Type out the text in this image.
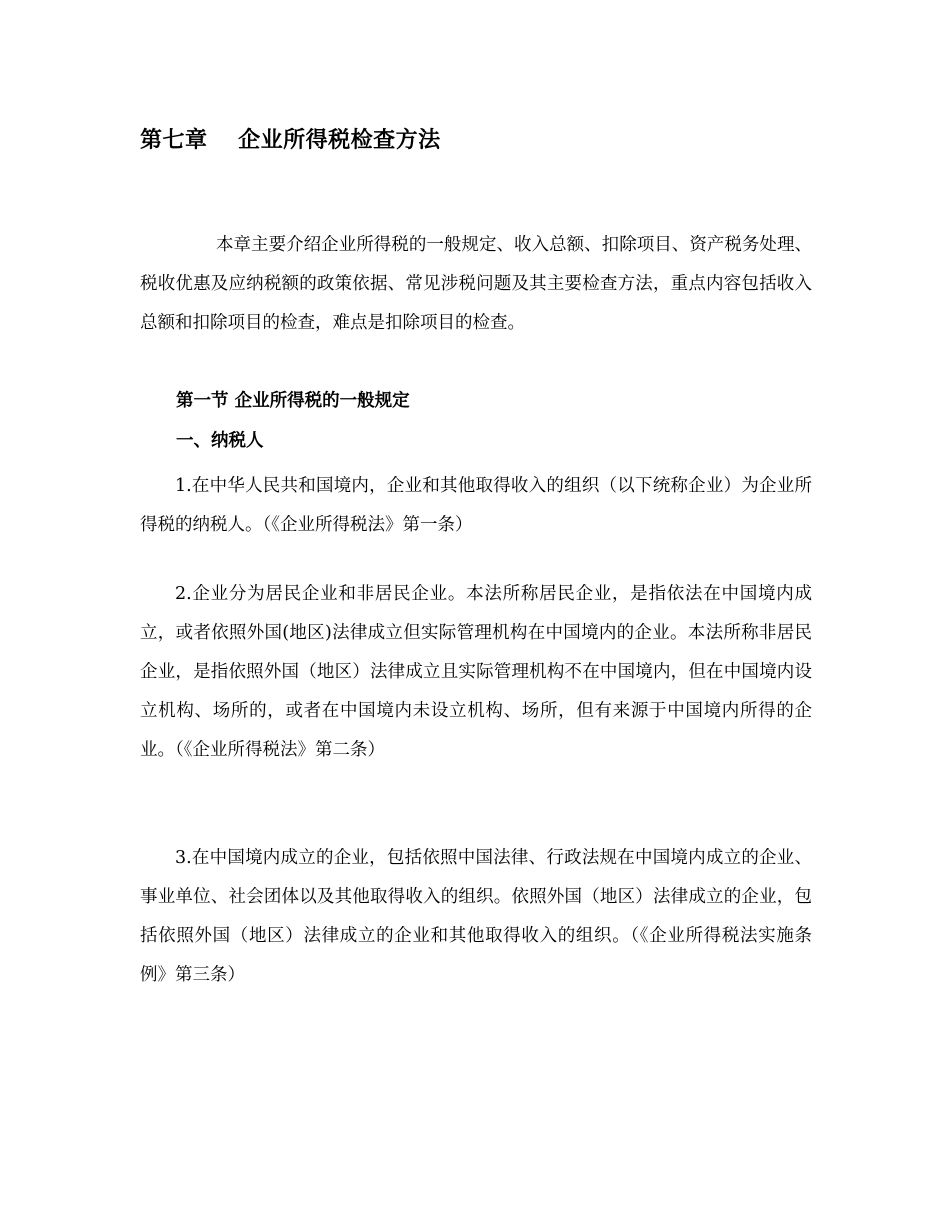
第七章　 企业所得税检查方法

本章主要介绍企业所得税的一般规定、收入总额、扣除项目、资产税务处理、税收优惠及应纳税额的政策依据、常见涉税问题及其主要检查方法，重点内容包括收入总额和扣除项目的检查，难点是扣除项目的检查。

第一节 企业所得税的一般规定
一、纳税人

1.在中华人民共和国境内，企业和其他取得收入的组织（以下统称企业）为企业所得税的纳税人。（《企业所得税法》第一条）

2.企业分为居民企业和非居民企业。本法所称居民企业，是指依法在中国境内成立，或者依照外国(地区)法律成立但实际管理机构在中国境内的企业。本法所称非居民企业，是指依照外国（地区）法律成立且实际管理机构不在中国境内，但在中国境内设立机构、场所的，或者在中国境内未设立机构、场所，但有来源于中国境内所得的企业。（《企业所得税法》第二条）

3.在中国境内成立的企业，包括依照中国法律、行政法规在中国境内成立的企业、事业单位、社会团体以及其他取得收入的组织。依照外国（地区）法律成立的企业，包括依照外国（地区）法律成立的企业和其他取得收入的组织。（《企业所得税法实施条例》第三条）
